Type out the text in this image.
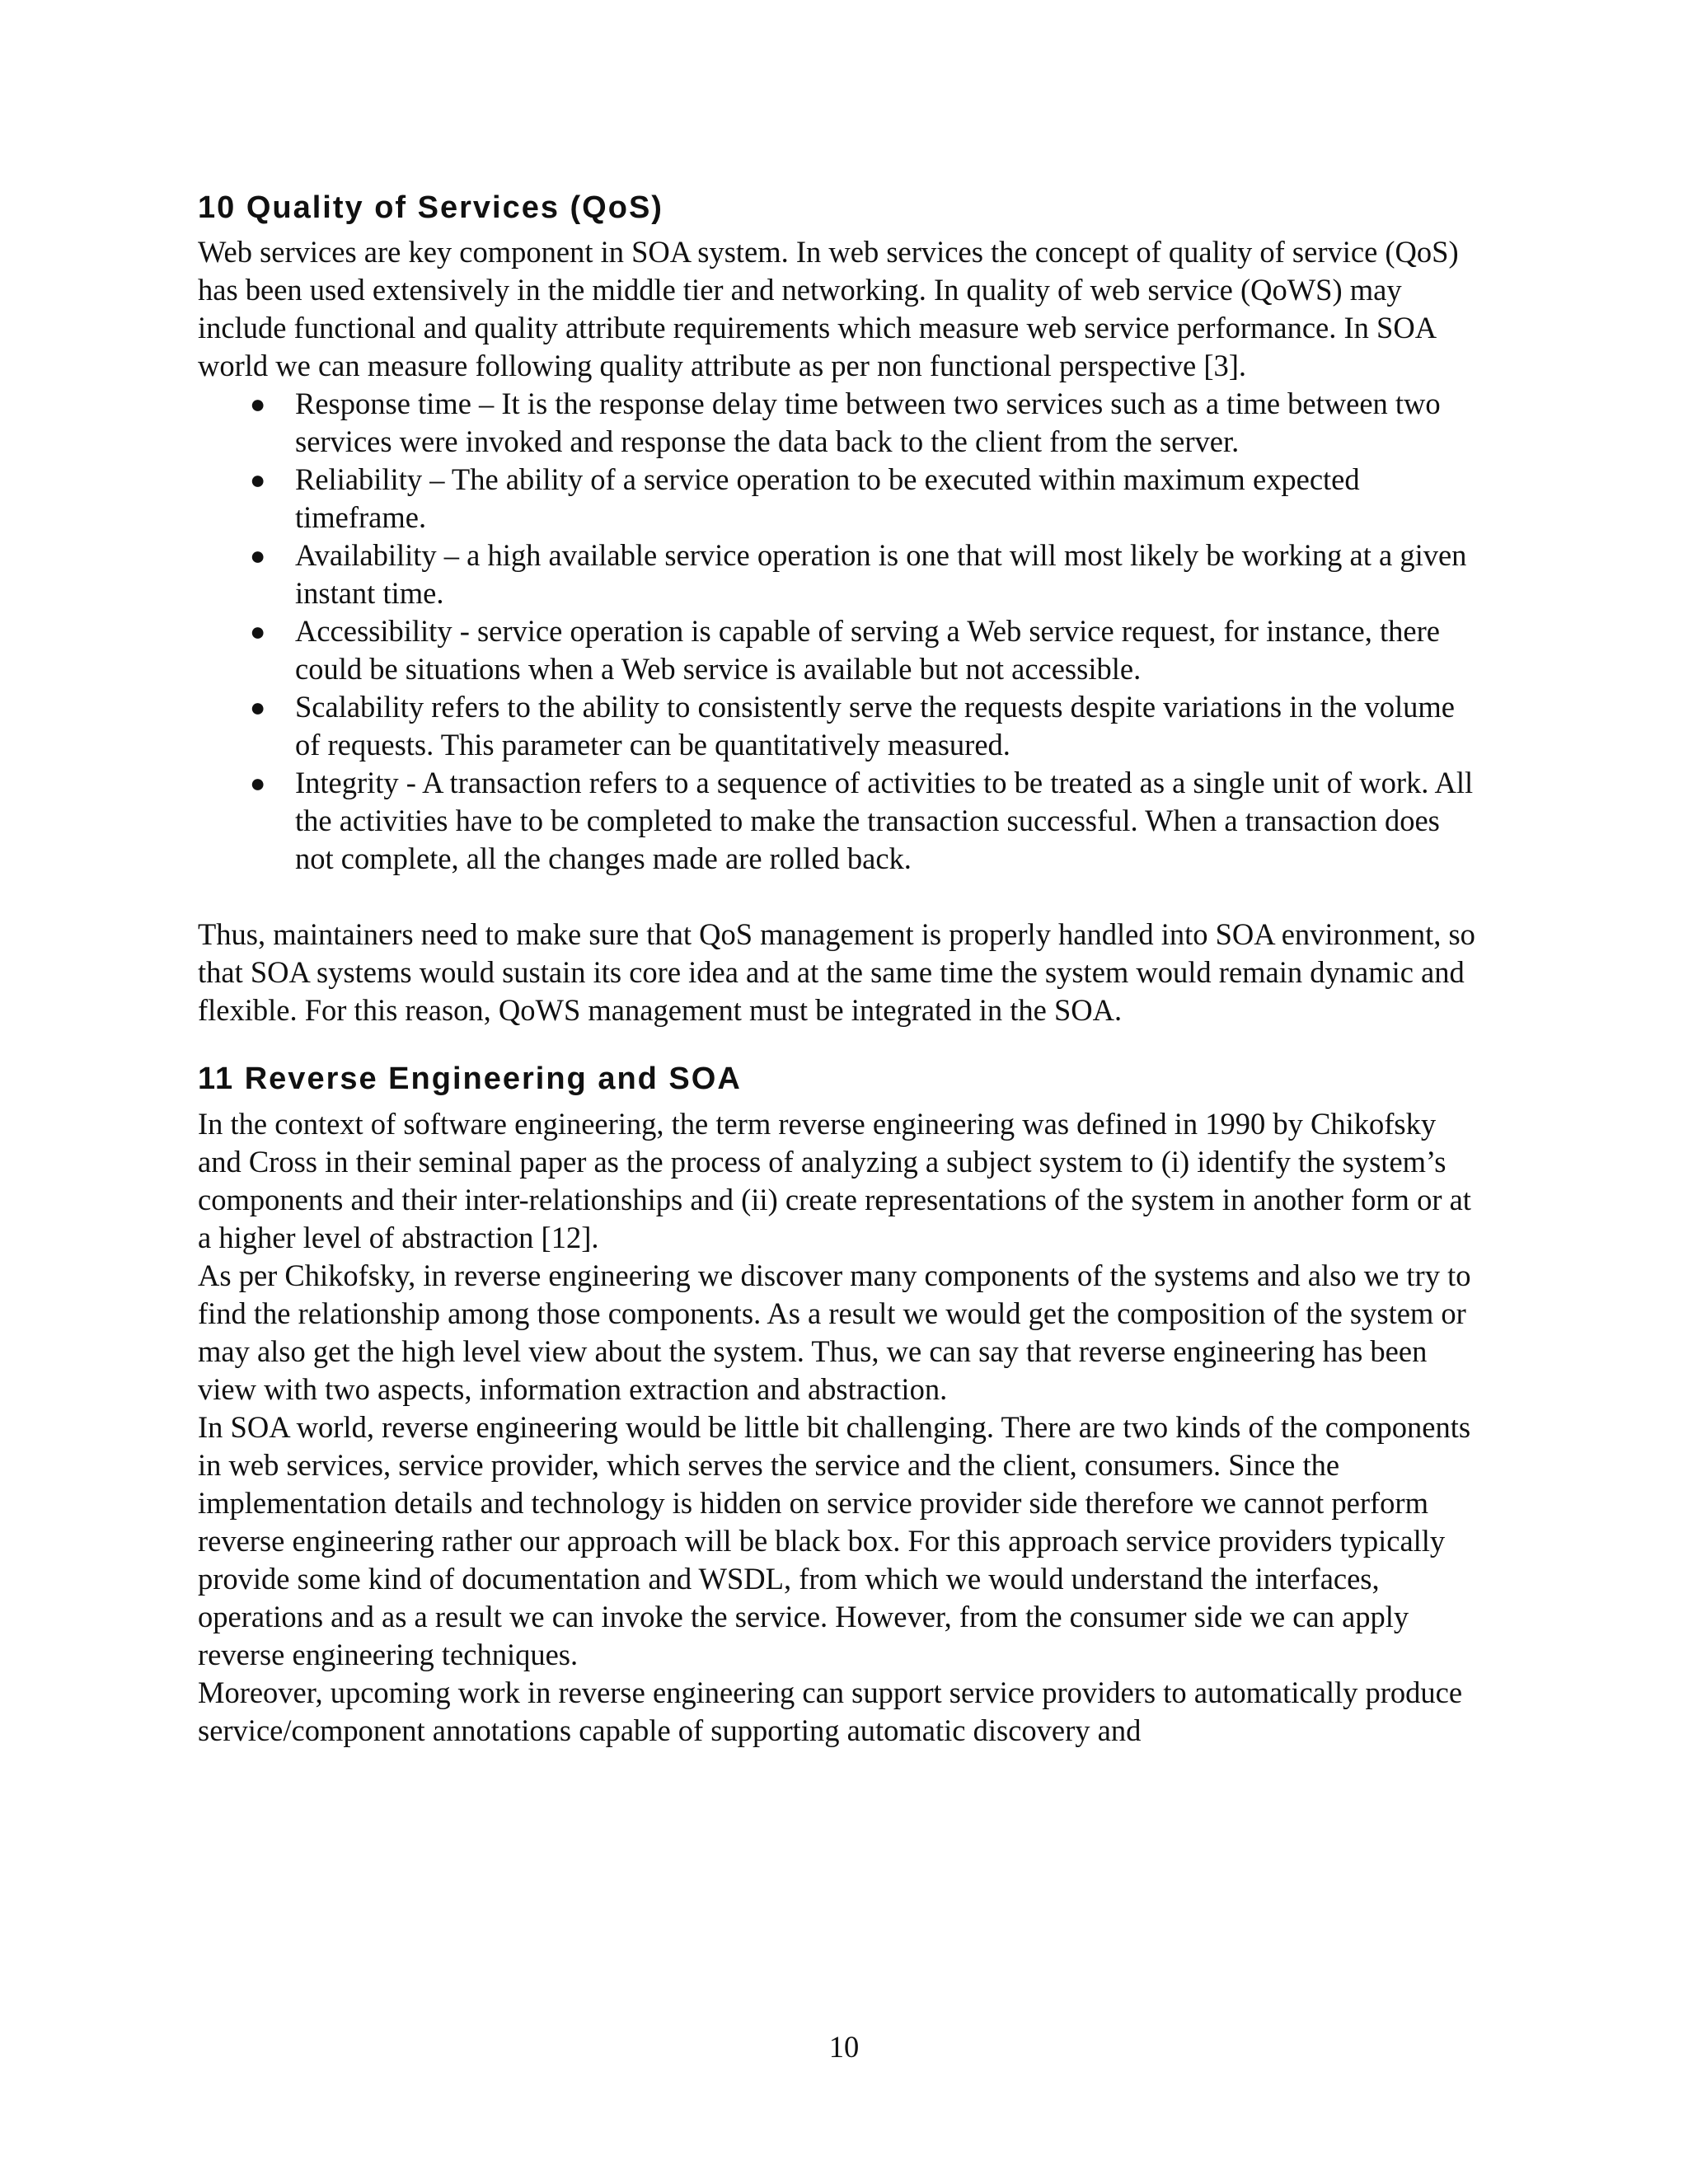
10 Quality of Services (QoS)

Web services are key component in SOA system. In web services the concept of quality of service (QoS) has been used extensively in the middle tier and networking. In quality of web service (QoWS) may include functional and quality attribute requirements which measure web service performance. In SOA world we can measure following quality attribute as per non functional perspective [3].

● Response time – It is the response delay time between two services such as a time between two services were invoked and response the data back to the client from the server.
● Reliability – The ability of a service operation to be executed within maximum expected timeframe.
● Availability – a high available service operation is one that will most likely be working at a given instant time.
● Accessibility - service operation is capable of serving a Web service request, for instance, there could be situations when a Web service is available but not accessible.
● Scalability refers to the ability to consistently serve the requests despite variations in the volume of requests. This parameter can be quantitatively measured.
● Integrity - A transaction refers to a sequence of activities to be treated as a single unit of work. All the activities have to be completed to make the transaction successful. When a transaction does not complete, all the changes made are rolled back.

Thus, maintainers need to make sure that QoS management is properly handled into SOA environment, so that SOA systems would sustain its core idea and at the same time the system would remain dynamic and flexible. For this reason, QoWS management must be integrated in the SOA.

11 Reverse Engineering and SOA

In the context of software engineering, the term reverse engineering was defined in 1990 by Chikofsky and Cross in their seminal paper as the process of analyzing a subject system to (i) identify the system’s components and their inter-relationships and (ii) create representations of the system in another form or at a higher level of abstraction [12].

As per Chikofsky, in reverse engineering we discover many components of the systems and also we try to find the relationship among those components. As a result we would get the composition of the system or may also get the high level view about the system. Thus, we can say that reverse engineering has been view with two aspects, information extraction and abstraction.

In SOA world, reverse engineering would be little bit challenging. There are two kinds of the components in web services, service provider, which serves the service and the client, consumers. Since the implementation details and technology is hidden on service provider side therefore we cannot perform reverse engineering rather our approach will be black box. For this approach service providers typically provide some kind of documentation and WSDL, from which we would understand the interfaces, operations and as a result we can invoke the service. However, from the consumer side we can apply reverse engineering techniques.

Moreover, upcoming work in reverse engineering can support service providers to automatically produce service/component annotations capable of supporting automatic discovery and

10
